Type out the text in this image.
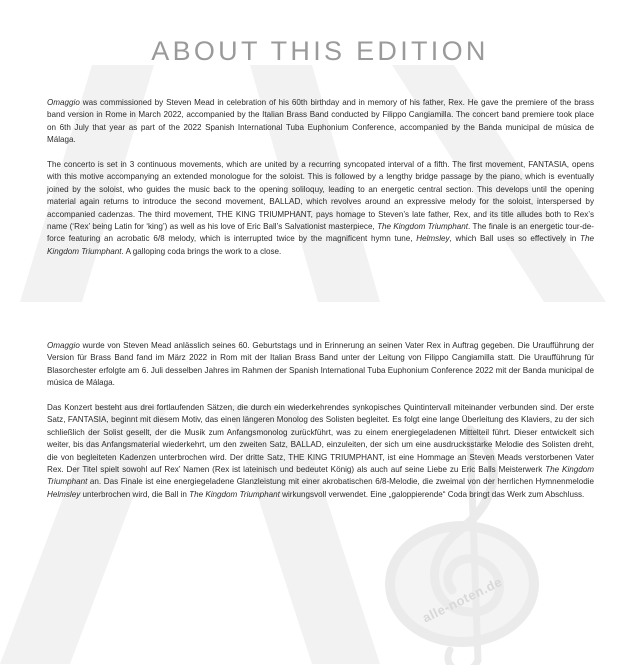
ABOUT THIS EDITION

Omaggio was commissioned by Steven Mead in celebration of his 60th birthday and in memory of his father, Rex. He gave the premiere of the brass band version in Rome in March 2022, accompanied by the Italian Brass Band conducted by Filippo Cangiamilla. The concert band premiere took place on 6th July that year as part of the 2022 Spanish International Tuba Euphonium Conference, accompanied by the Banda municipal de música de Málaga.

The concerto is set in 3 continuous movements, which are united by a recurring syncopated interval of a fifth. The first movement, FANTASIA, opens with this motive accompanying an extended monologue for the soloist. This is followed by a lengthy bridge passage by the piano, which is eventually joined by the soloist, who guides the music back to the opening soliloquy, leading to an energetic central section. This develops until the opening material again returns to introduce the second movement, BALLAD, which revolves around an expressive melody for the soloist, interspersed by accompanied cadenzas. The third movement, THE KING TRIUMPHANT, pays homage to Steven’s late father, Rex, and its title alludes both to Rex’s name (‘Rex’ being Latin for ‘king’) as well as his love of Eric Ball’s Salvationist masterpiece, The Kingdom Triumphant. The finale is an energetic tour-de-force featuring an acrobatic 6/8 melody, which is interrupted twice by the magnificent hymn tune, Helmsley, which Ball uses so effectively in The Kingdom Triumphant. A galloping coda brings the work to a close.

Omaggio wurde von Steven Mead anlässlich seines 60. Geburtstags und in Erinnerung an seinen Vater Rex in Auftrag gegeben. Die Uraufführung der Version für Brass Band fand im März 2022 in Rom mit der Italian Brass Band unter der Leitung von Filippo Cangiamilla statt. Die Uraufführung für Blasorchester erfolgte am 6. Juli desselben Jahres im Rahmen der Spanish International Tuba Euphonium Conference 2022 mit der Banda municipal de música de Málaga.

Das Konzert besteht aus drei fortlaufenden Sätzen, die durch ein wiederkehrendes synkopisches Quintintervall miteinander verbunden sind. Der erste Satz, FANTASIA, beginnt mit diesem Motiv, das einen längeren Monolog des Solisten begleitet. Es folgt eine lange Überleitung des Klaviers, zu der sich schließlich der Solist gesellt, der die Musik zum Anfangsmonolog zurückführt, was zu einem energiegeladenen Mittelteil führt. Dieser entwickelt sich weiter, bis das Anfangsmaterial wiederkehrt, um den zweiten Satz, BALLAD, einzuleiten, der sich um eine ausdrucksstarke Melodie des Solisten dreht, die von begleiteten Kadenzen unterbrochen wird. Der dritte Satz, THE KING TRIUMPHANT, ist eine Hommage an Steven Meads verstorbenen Vater Rex. Der Titel spielt sowohl auf Rex’ Namen (Rex ist lateinisch und bedeutet König) als auch auf seine Liebe zu Eric Balls Meisterwerk The Kingdom Triumphant an. Das Finale ist eine energiegeladene Glanzleistung mit einer akrobatischen 6/8-Melodie, die zweimal von der herrlichen Hymnenmelodie Helmsley unterbrochen wird, die Ball in The Kingdom Triumphant wirkungsvoll verwendet. Eine „galoppierende“ Coda bringt das Werk zum Abschluss.

alle-noten.de
